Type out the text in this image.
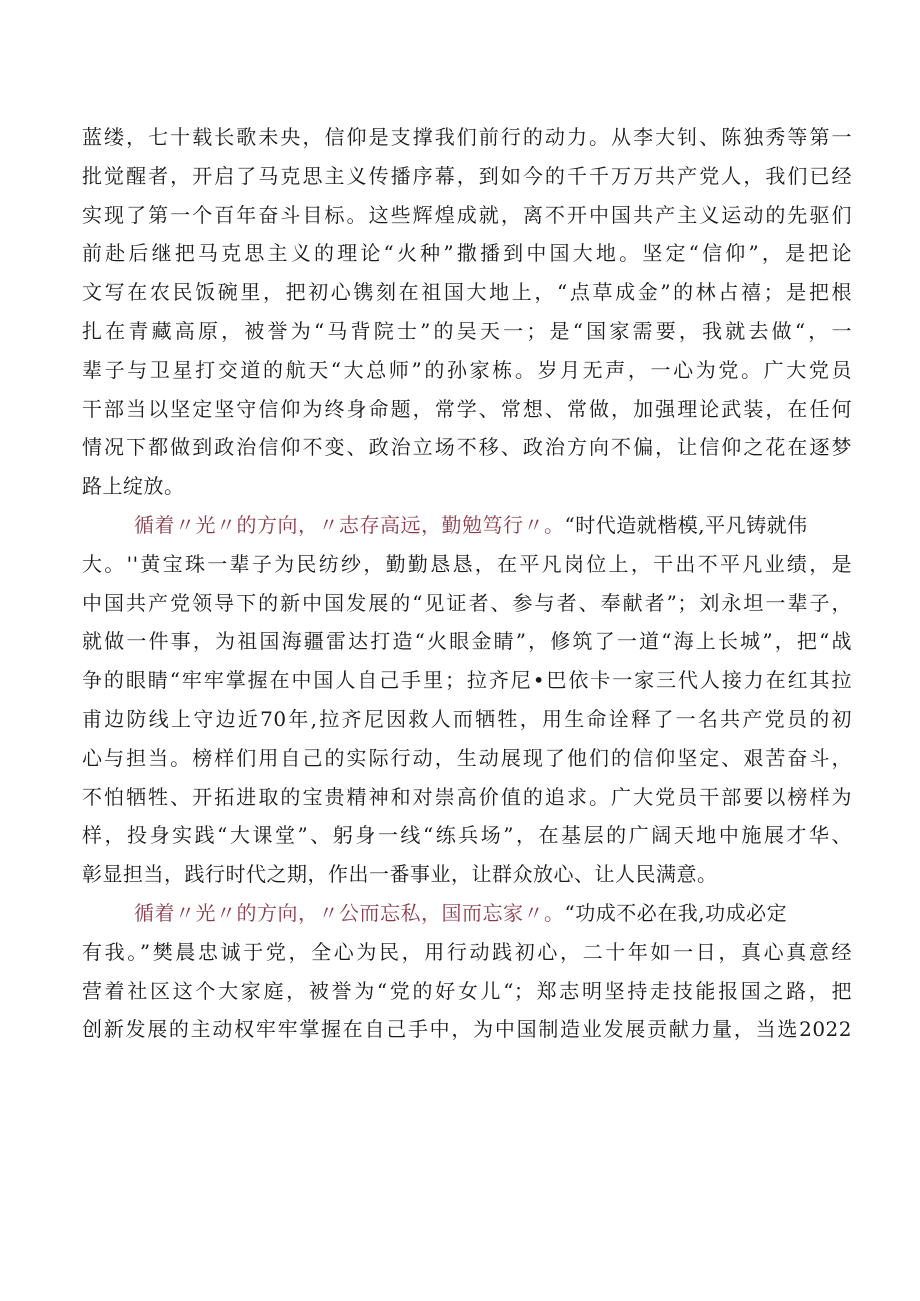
蓝缕，七十载长歌未央，信仰是支撑我们前行的动力。从李大钊、陈独秀等第一
批觉醒者，开启了马克思主义传播序幕，到如今的千千万万共产党人，我们已经
实现了第一个百年奋斗目标。这些辉煌成就，离不开中国共产主义运动的先驱们
前赴后继把马克思主义的理论“火种”撒播到中国大地。坚定“信仰”，是把论
文写在农民饭碗里，把初心镌刻在祖国大地上，“点草成金”的林占禧；是把根
扎在青藏高原，被誉为“马背院士”的吴天一；是“国家需要，我就去做“，一
辈子与卫星打交道的航天“大总师”的孙家栋。岁月无声，一心为党。广大党员
干部当以坚定坚守信仰为终身命题，常学、常想、常做，加强理论武装，在任何
情况下都做到政治信仰不变、政治立场不移、政治方向不偏，让信仰之花在逐梦
路上绽放。
循着〃光〃的方向，〃志存高远，勤勉笃行〃。“时代造就楷模,平凡铸就伟
大。''黄宝珠一辈子为民纺纱，勤勤恳恳，在平凡岗位上，干出不平凡业绩，是
中国共产党领导下的新中国发展的“见证者、参与者、奉献者”；刘永坦一辈子，
就做一件事，为祖国海疆雷达打造“火眼金睛”，修筑了一道“海上长城”，把“战
争的眼睛“牢牢掌握在中国人自己手里；拉齐尼•巴依卡一家三代人接力在红其拉
甫边防线上守边近70年,拉齐尼因救人而牺牲，用生命诠释了一名共产党员的初
心与担当。榜样们用自己的实际行动，生动展现了他们的信仰坚定、艰苦奋斗，
不怕牺牲、开拓进取的宝贵精神和对崇高价值的追求。广大党员干部要以榜样为
样，投身实践“大课堂”、躬身一线“练兵场”，在基层的广阔天地中施展才华、
彰显担当，践行时代之期，作出一番事业，让群众放心、让人民满意。
循着〃光〃的方向，〃公而忘私，国而忘家〃。“功成不必在我,功成必定
有我。”樊晨忠诚于党，全心为民，用行动践初心，二十年如一日，真心真意经
营着社区这个大家庭，被誉为“党的好女儿“；郑志明坚持走技能报国之路，把
创新发展的主动权牢牢掌握在自己手中，为中国制造业发展贡献力量，当选2022
